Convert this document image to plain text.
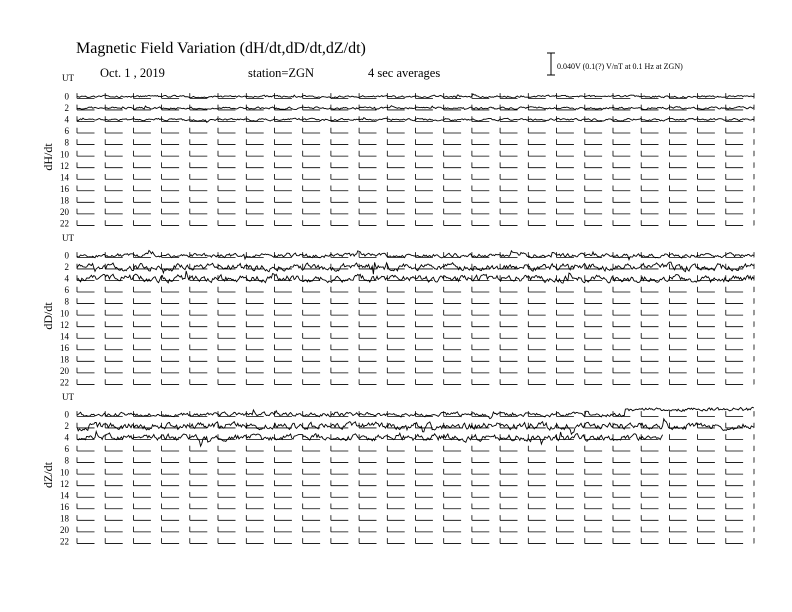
Magnetic Field Variation (dH/dt,dD/dt,dZ/dt)
Oct. 1 , 2019	station=ZGN	4 sec averages	0.040V (0.1(?) V/nT at 0.1 Hz at ZGN)
UT
dH/dt
0
2
4
6
8
10
12
14
16
18
20
22
UT
dD/dt
0
2
4
6
8
10
12
14
16
18
20
22
UT
dZ/dt
0
2
4
6
8
10
12
14
16
18
20
22
